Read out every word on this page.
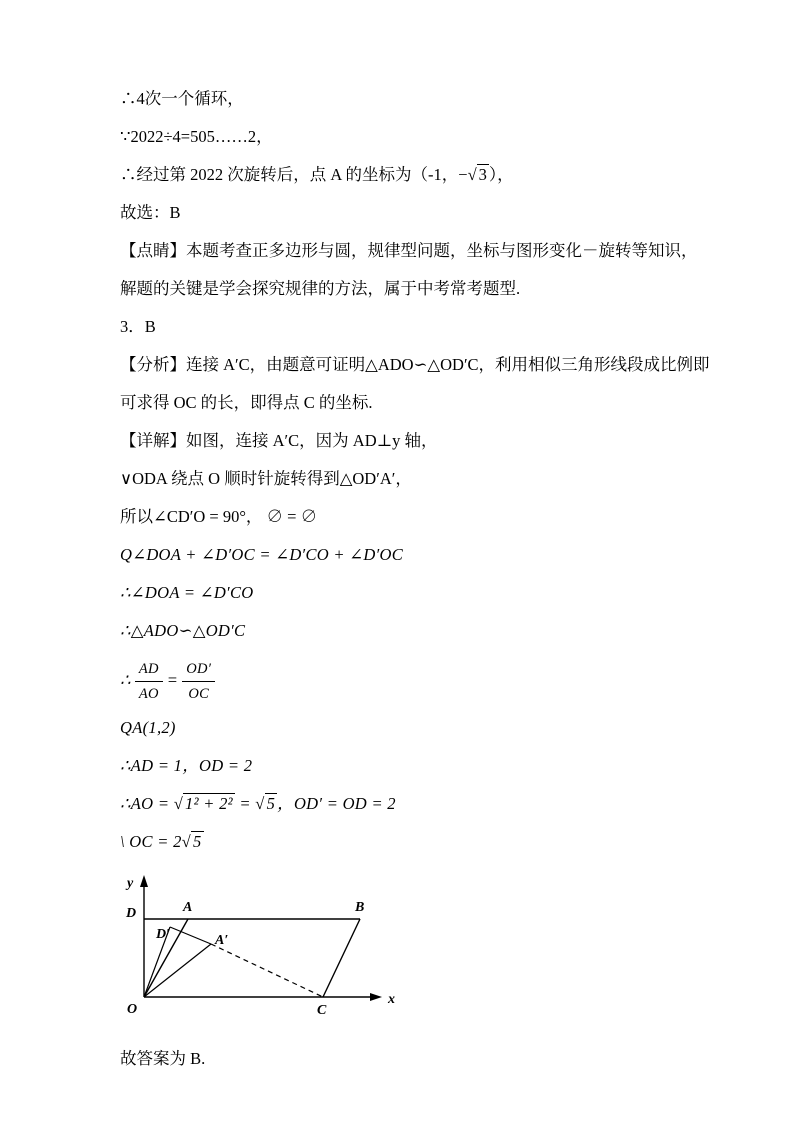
∴4次一个循环，

∵2022÷4=505……2，

∴经过第 2022 次旋转后，点 A 的坐标为（-1，−√ 3 ），

故选：B

【点睛】本题考查正多边形与圆，规律型问题，坐标与图形变化－旋转等知识，

解题的关键是学会探究规律的方法，属于中考常考题型.

3．B

【分析】连接 A′C，由题意可证明△ADO∽△OD′C，利用相似三角形线段成比例即

可求得 OC 的长，即得点 C 的坐标.

【详解】如图，连接 A′C，因为 AD⊥y 轴，

∨ODA 绕点 O 顺时针旋转得到△OD′A′，

所以∠CD′O = 90°， ∅ = ∅

Q∠DOA + ∠D′OC = ∠D′CO + ∠D′OC

∴∠DOA = ∠D′CO

∴△ADO∽△OD′C

∴ $\frac{AD}{AO} = \frac{OD'}{OC}$

QA(1,2)

∴AD = 1，OD = 2

∴AO = √ 1² + 2² = √ 5 ，OD′ = OD = 2

\ OC = 2√ 5

y
x
O
D	A	B
C
D′	A′

故答案为 B.
